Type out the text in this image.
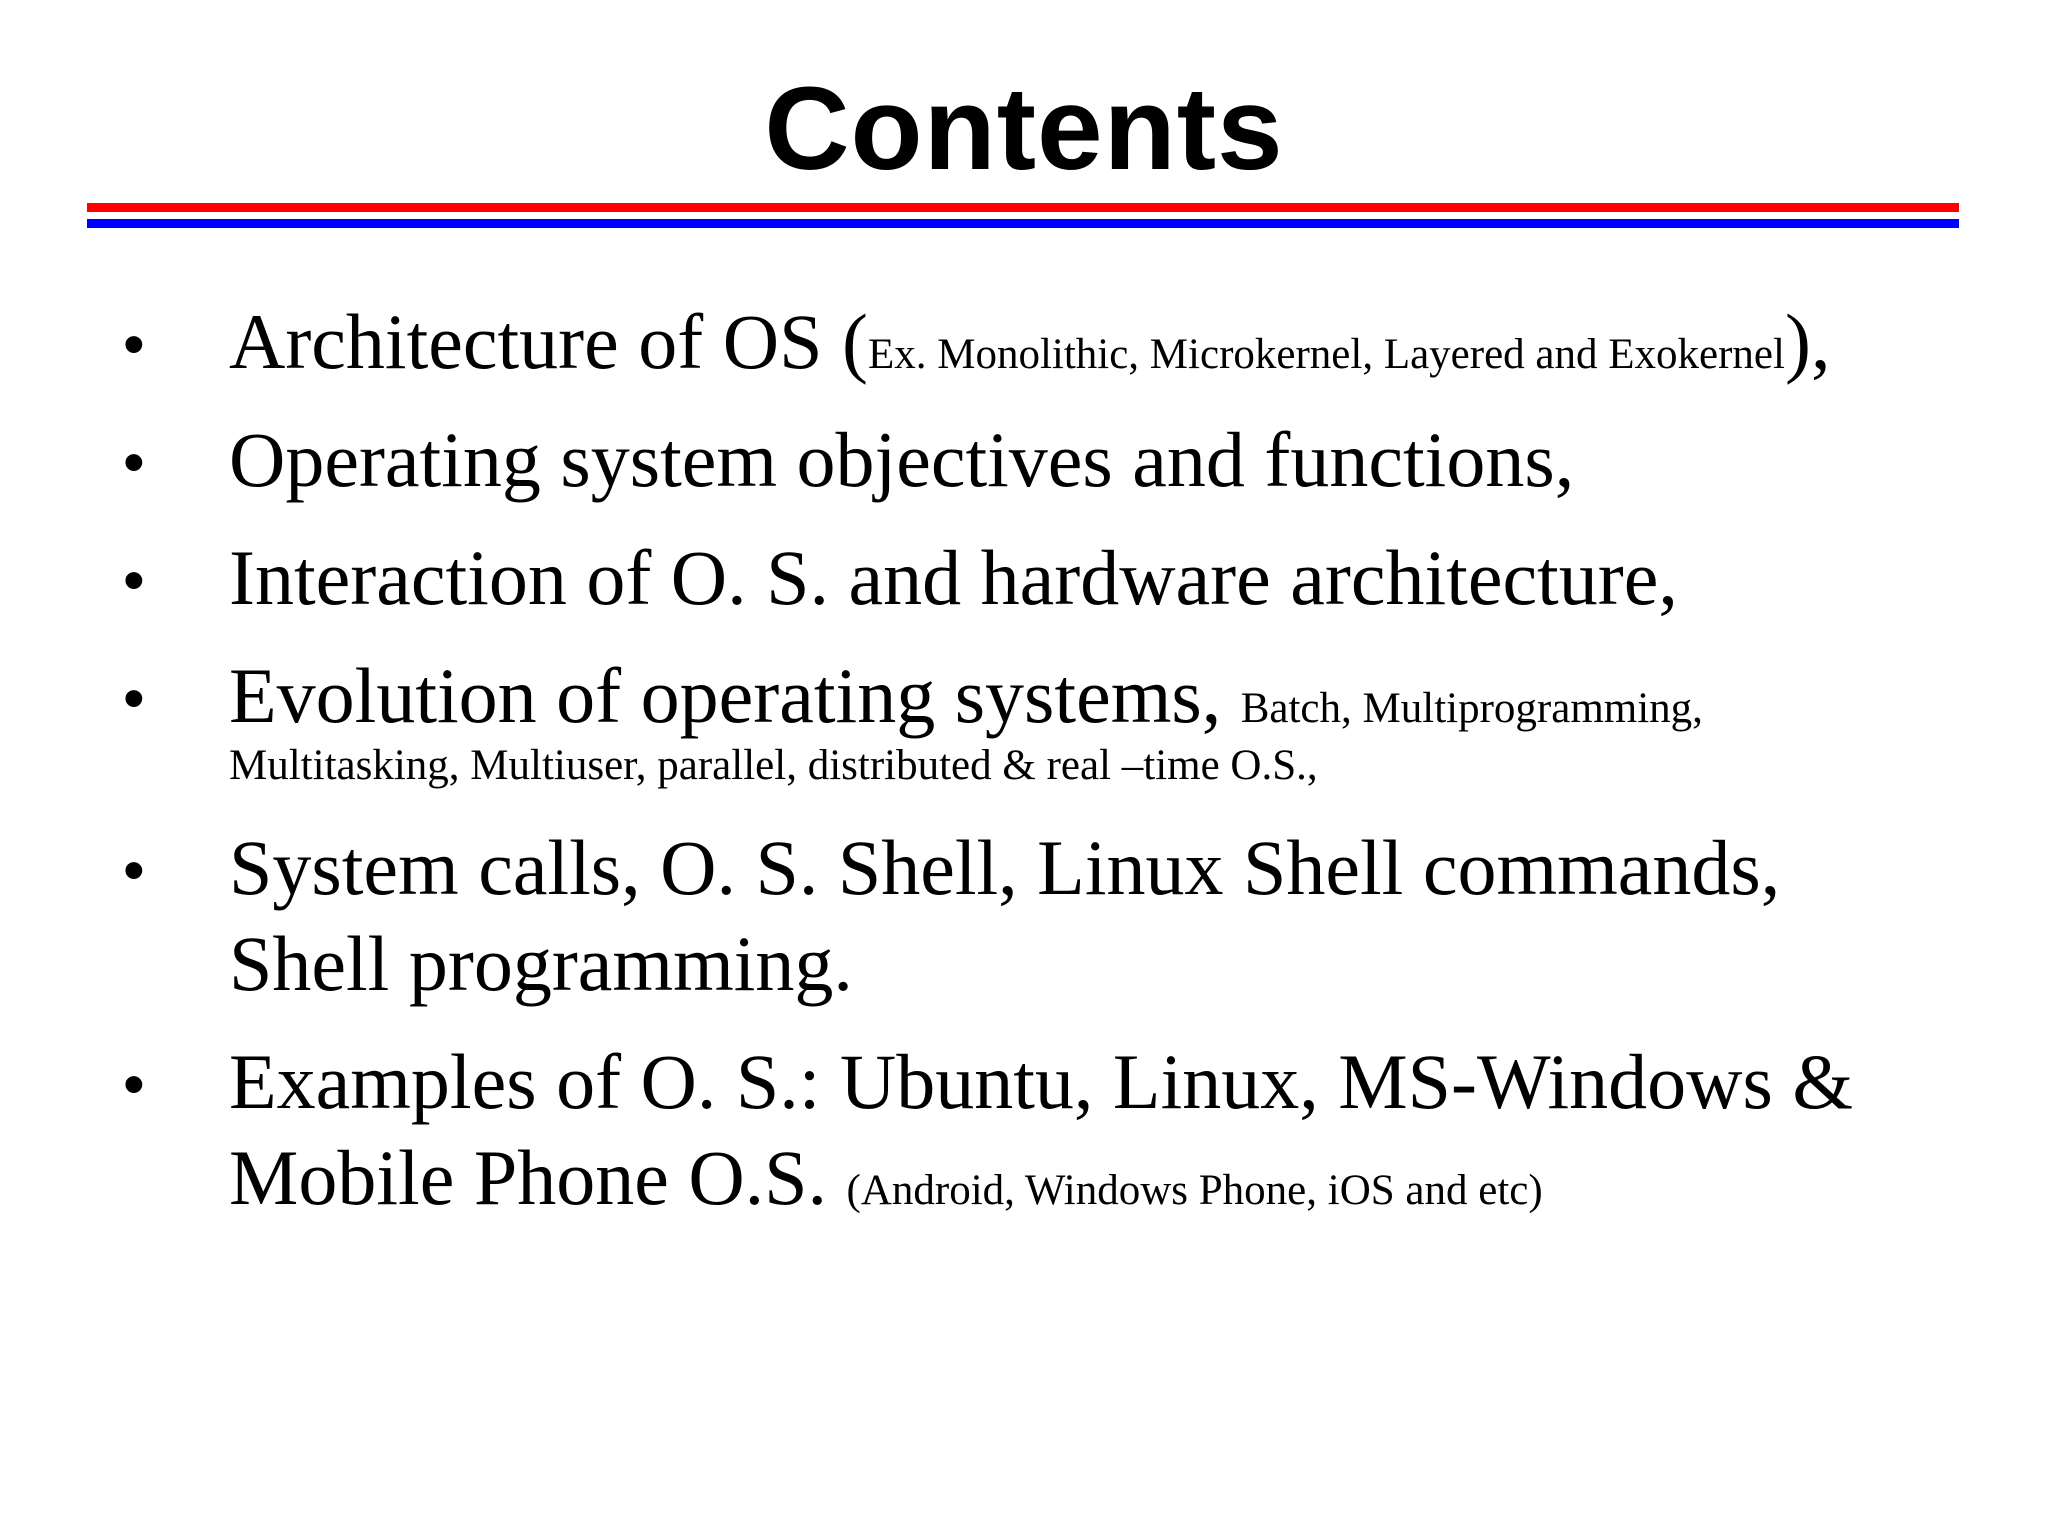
Contents
• Architecture of OS (Ex. Monolithic, Microkernel, Layered and Exokernel),
• Operating system objectives and functions,
• Interaction of O. S. and hardware architecture,
• Evolution of operating systems, Batch, Multiprogramming,
Multitasking, Multiuser, parallel, distributed & real –time O.S.,
• System calls, O. S. Shell, Linux Shell commands,
Shell programming.
• Examples of O. S.: Ubuntu, Linux, MS-Windows &
Mobile Phone O.S. (Android, Windows Phone, iOS and etc)
